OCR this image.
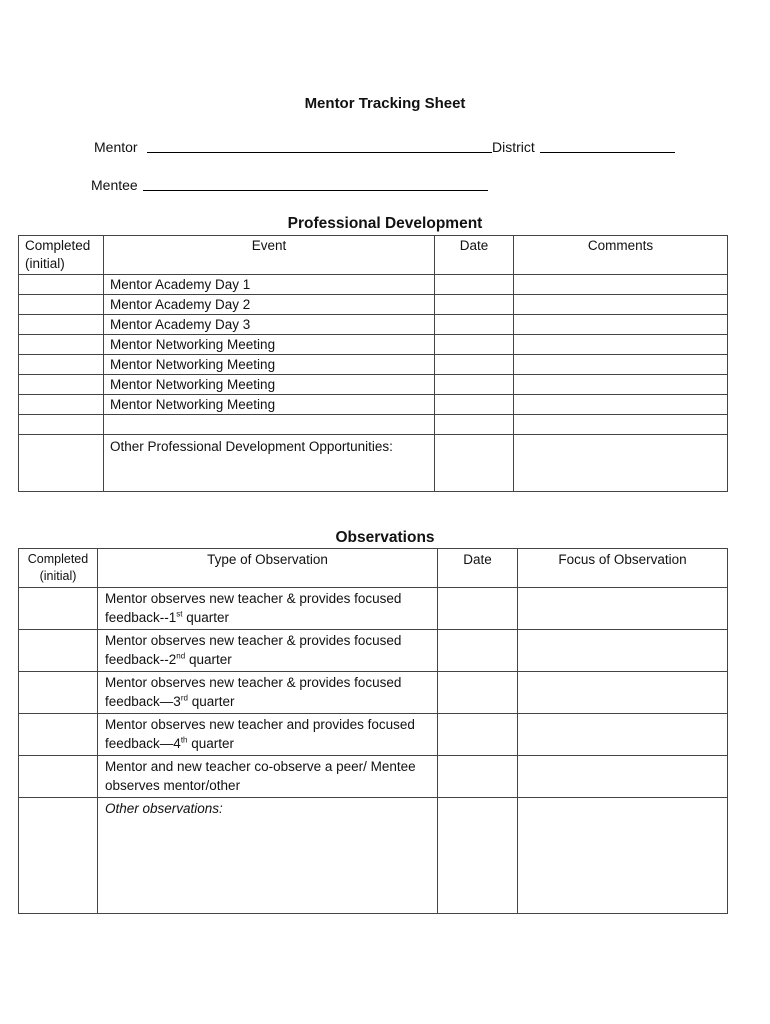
Mentor Tracking Sheet
Mentor	District
Mentee
Professional Development
Completed (initial)	Event	Date	Comments
	Mentor Academy Day 1		
	Mentor Academy Day 2		
	Mentor Academy Day 3		
	Mentor Networking Meeting		
	Mentor Networking Meeting		
	Mentor Networking Meeting		
	Mentor Networking Meeting		

	Other Professional Development Opportunities:		
Observations
Completed (initial)	Type of Observation	Date	Focus of Observation
	Mentor observes new teacher & provides focused
feedback--1st quarter		
	Mentor observes new teacher & provides focused
feedback--2nd quarter		
	Mentor observes new teacher & provides focused
feedback—3rd quarter		
	Mentor observes new teacher and provides focused
feedback—4th quarter		
	Mentor and new teacher co-observe a peer/ Mentee
observes mentor/other		
	Other observations:		
